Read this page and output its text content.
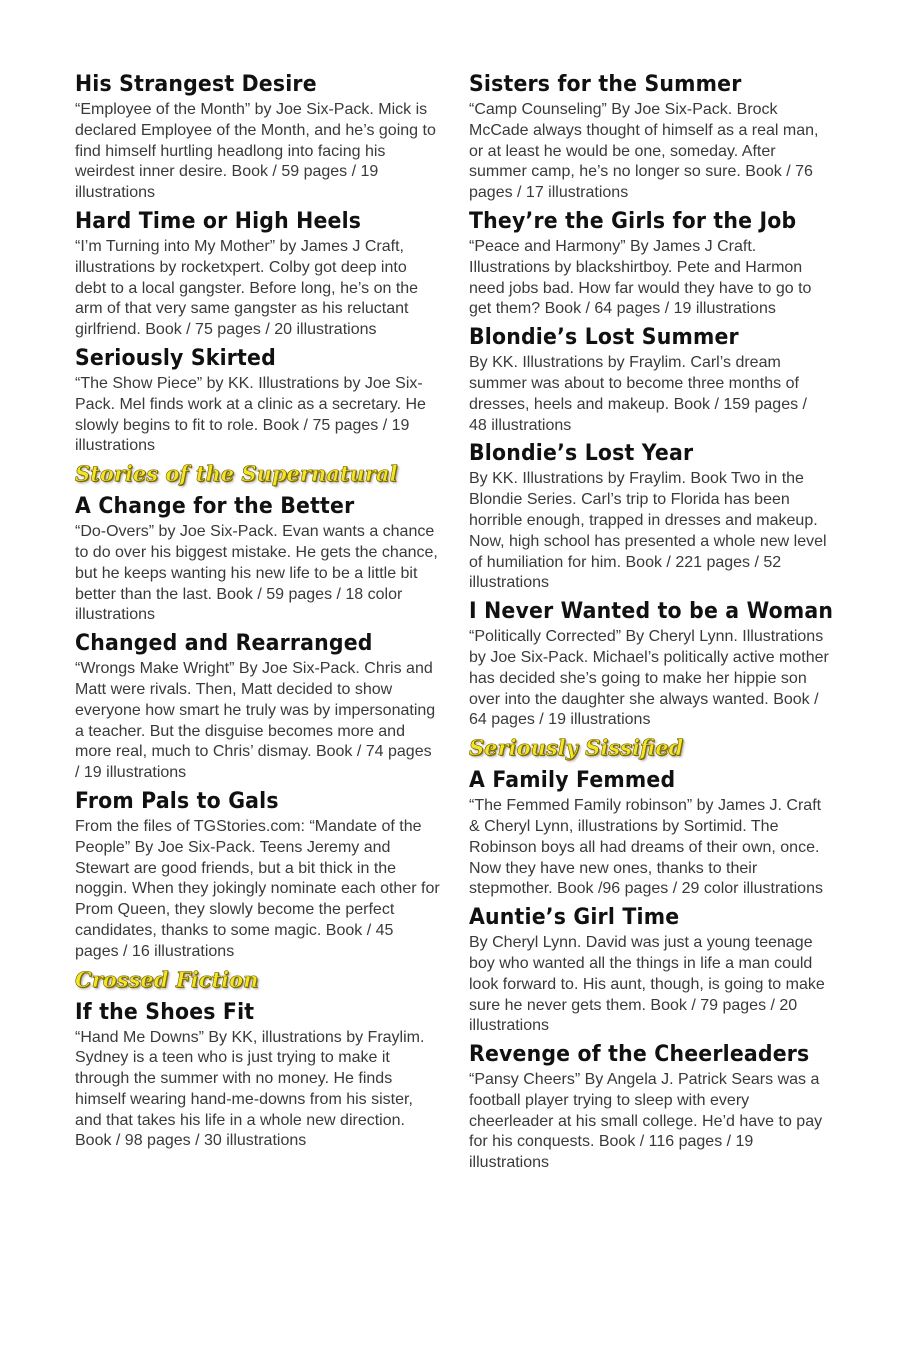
His Strangest Desire
“Employee of the Month” by Joe Six-Pack. Mick is declared Employee of the Month, and he’s going to find himself hurtling headlong into facing his weirdest inner desire. Book / 59 pages / 19 illustrations
Hard Time or High Heels
“I’m Turning into My Mother” by James J Craft, illustrations by rocketxpert. Colby got deep into debt to a local gangster. Before long, he’s on the arm of that very same gangster as his reluctant girlfriend. Book / 75 pages / 20 illustrations
Seriously Skirted
“The Show Piece” by KK. Illustrations by Joe Six-Pack. Mel finds work at a clinic as a secretary. He slowly begins to fit to role. Book / 75 pages / 19 illustrations
Stories of the Supernatural
A Change for the Better
“Do-Overs” by Joe Six-Pack. Evan wants a chance to do over his biggest mistake. He gets the chance, but he keeps wanting his new life to be a little bit better than the last. Book / 59 pages / 18 color illustrations
Changed and Rearranged
“Wrongs Make Wright” By Joe Six-Pack. Chris and Matt were rivals. Then, Matt decided to show everyone how smart he truly was by impersonating a teacher. But the disguise becomes more and more real, much to Chris’ dismay. Book / 74 pages / 19 illustrations
From Pals to Gals
From the files of TGStories.com: “Mandate of the People” By Joe Six-Pack. Teens Jeremy and Stewart are good friends, but a bit thick in the noggin. When they jokingly nominate each other for Prom Queen, they slowly become the perfect candidates, thanks to some magic. Book / 45 pages / 16 illustrations
Crossed Fiction
If the Shoes Fit
“Hand Me Downs” By KK, illustrations by Fraylim. Sydney is a teen who is just trying to make it through the summer with no money. He finds himself wearing hand-me-downs from his sister, and that takes his life in a whole new direction. Book / 98 pages / 30 illustrations
Sisters for the Summer
“Camp Counseling” By Joe Six-Pack. Brock McCade always thought of himself as a real man, or at least he would be one, someday. After summer camp, he’s no longer so sure. Book / 76 pages / 17 illustrations
They’re the Girls for the Job
“Peace and Harmony” By James J Craft. Illustrations by blackshirtboy. Pete and Harmon need jobs bad. How far would they have to go to get them? Book / 64 pages / 19 illustrations
Blondie’s Lost Summer
By KK. Illustrations by Fraylim. Carl’s dream summer was about to become three months of dresses, heels and makeup. Book / 159 pages / 48 illustrations
Blondie’s Lost Year
By KK. Illustrations by Fraylim. Book Two in the Blondie Series. Carl’s trip to Florida has been horrible enough, trapped in dresses and makeup. Now, high school has presented a whole new level of humiliation for him. Book / 221 pages / 52 illustrations
I Never Wanted to be a Woman
“Politically Corrected” By Cheryl Lynn. Illustrations by Joe Six-Pack. Michael’s politically active mother has decided she’s going to make her hippie son over into the daughter she always wanted. Book / 64 pages / 19 illustrations
Seriously Sissified
A Family Femmed
“The Femmed Family robinson” by James J. Craft & Cheryl Lynn, illustrations by Sortimid. The Robinson boys all had dreams of their own, once. Now they have new ones, thanks to their stepmother. Book /96 pages / 29 color illustrations
Auntie’s Girl Time
By Cheryl Lynn. David was just a young teenage boy who wanted all the things in life a man could look forward to. His aunt, though, is going to make sure he never gets them. Book / 79 pages / 20 illustrations
Revenge of the Cheerleaders
“Pansy Cheers” By Angela J. Patrick Sears was a football player trying to sleep with every cheerleader at his small college. He’d have to pay for his conquests. Book / 116 pages / 19 illustrations
